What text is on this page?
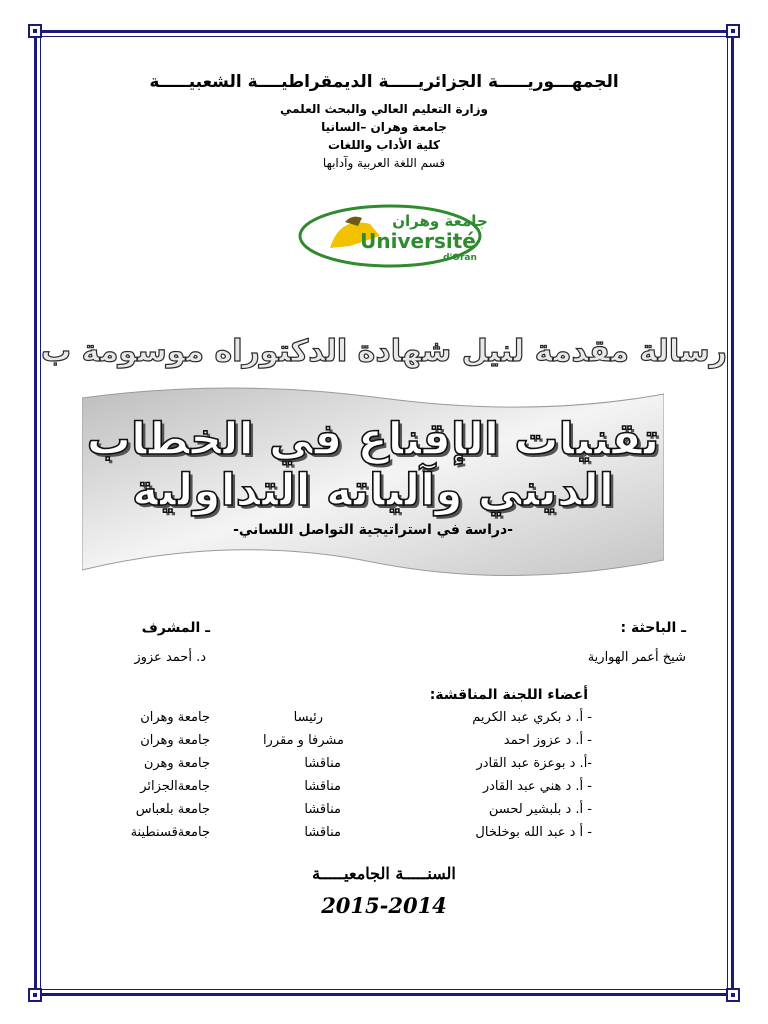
الجمهـــوريـــــة الجزائريـــــة الديمقراطيــــة الشعبيـــــة
وزارة التعليم العالي والبحث العلمي
جامعة وهران –السانيا
كلية الأداب واللغات
قسم اللغة العربية وآدابها
جامعة وهران
Université
d'Oran
رسالة مقدمة لنيل شهادة الدكتوراه موسومة ب
تقنيات الإقناع في الخطاب الديني وآلياته التداولية
-دراسة في استراتيجية التواصل اللساني-
ـ الباحثة :
شيخ أعمر الهوارية
ـ المشرف
د. أحمد عزوز
أعضاء اللجنة المناقشة:
- أ. د بكري عبد الكريم
رئيسا
جامعة وهران
- أ. د عزوز احمد
مشرفا و مقررا
جامعة وهران
-أ. د بوعزة عبد القادر
مناقشا
جامعة وهرن
- أ. د هني عبد القادر
مناقشا
جامعةالجزائر
- أ. د بلبشير لحسن
مناقشا
جامعة بلعباس
- أ د عبد الله بوخلخال
مناقشا
جامعةقسنطينة
السنـــــة الجامعيـــــة
2015-2014
